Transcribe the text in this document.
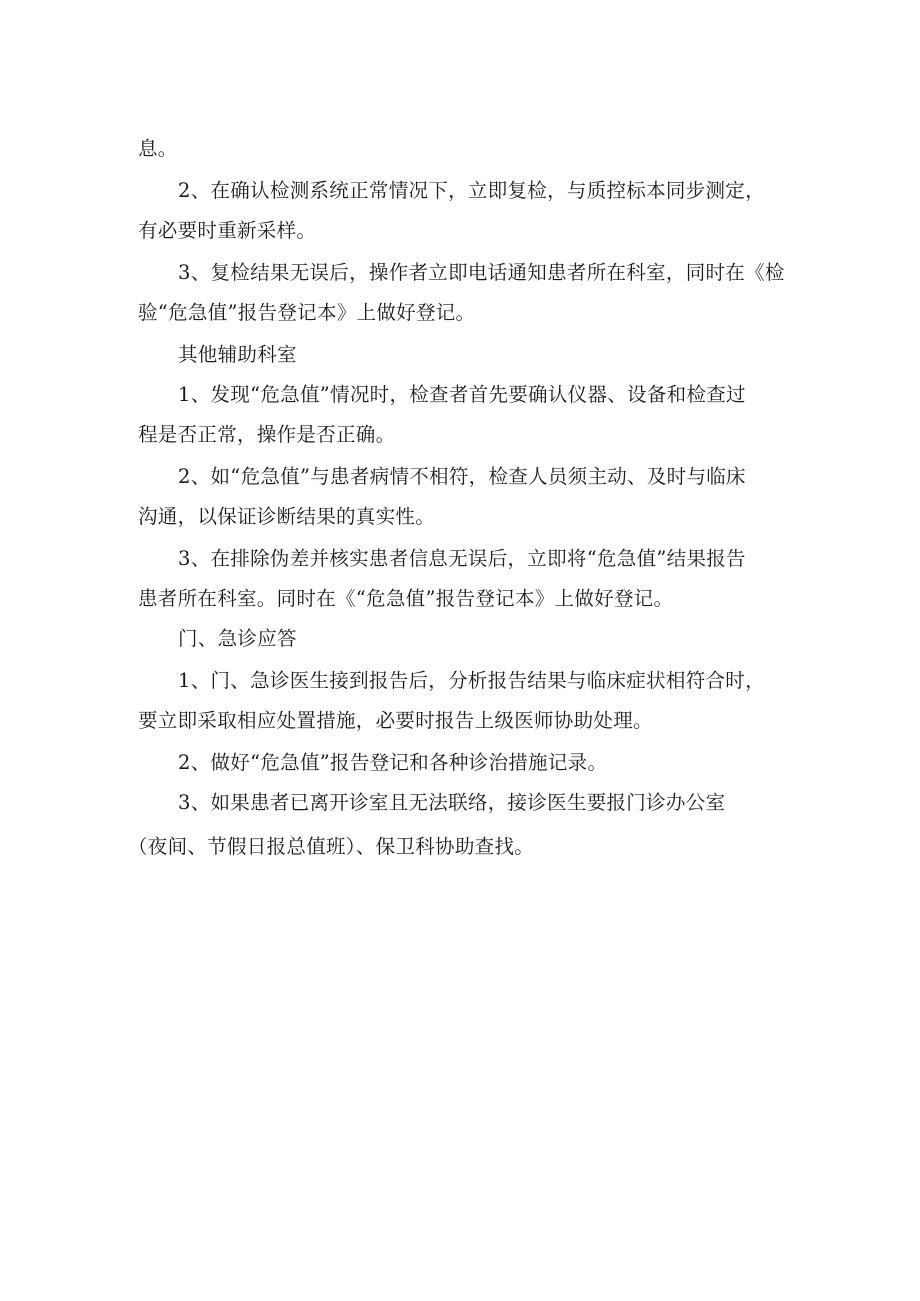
息。
2、在确认检测系统正常情况下，立即复检，与质控标本同步测定，
有必要时重新采样。
3、复检结果无误后，操作者立即电话通知患者所在科室，同时在《检
验“危急值”报告登记本》上做好登记。
其他辅助科室
1、发现“危急值”情况时，检查者首先要确认仪器、设备和检查过
程是否正常，操作是否正确。
2、如“危急值”与患者病情不相符，检查人员须主动、及时与临床
沟通，以保证诊断结果的真实性。
3、在排除伪差并核实患者信息无误后，立即将“危急值”结果报告
患者所在科室。同时在《“危急值”报告登记本》上做好登记。
门、急诊应答
1、门、急诊医生接到报告后，分析报告结果与临床症状相符合时，
要立即采取相应处置措施，必要时报告上级医师协助处理。
2、做好“危急值”报告登记和各种诊治措施记录。
3、如果患者已离开诊室且无法联络，接诊医生要报门诊办公室
（夜间、节假日报总值班）、保卫科协助查找。
